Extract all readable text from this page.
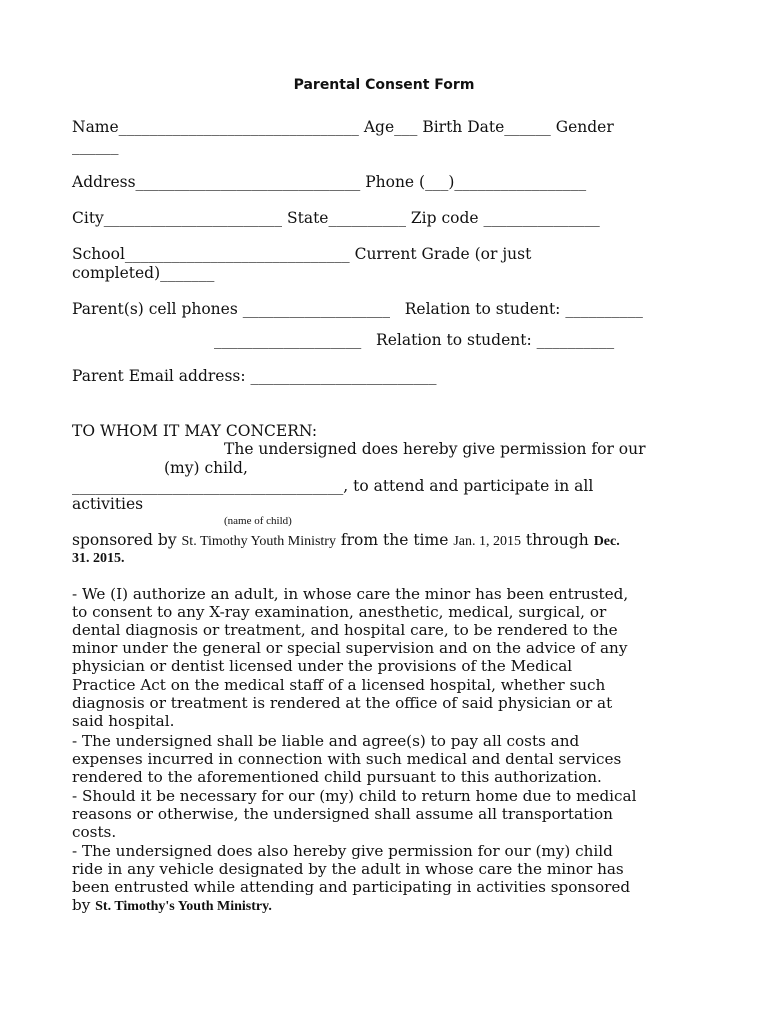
Parental Consent Form
Name_______________________________ Age___ Birth Date______ Gender
______
Address_____________________________ Phone (___)_________________
City_______________________ State__________ Zip code _______________
School_____________________________ Current Grade (or just
completed)_______
Parent(s) cell phones ___________________   Relation to student: __________
___________________   Relation to student: __________
Parent Email address: ________________________
TO WHOM IT MAY CONCERN:
The undersigned does hereby give permission for our
(my) child,
___________________________________, to attend and participate in all
activities
(name of child)
sponsored by St. Timothy Youth Ministry from the time Jan. 1, 2015 through Dec.
31. 2015.
- We (I) authorize an adult, in whose care the minor has been entrusted,
to consent to any X-ray examination, anesthetic, medical, surgical, or
dental diagnosis or treatment, and hospital care, to be rendered to the
minor under the general or special supervision and on the advice of any
physician or dentist licensed under the provisions of the Medical
Practice Act on the medical staff of a licensed hospital, whether such
diagnosis or treatment is rendered at the office of said physician or at
said hospital.
- The undersigned shall be liable and agree(s) to pay all costs and
expenses incurred in connection with such medical and dental services
rendered to the aforementioned child pursuant to this authorization.
- Should it be necessary for our (my) child to return home due to medical
reasons or otherwise, the undersigned shall assume all transportation
costs.
- The undersigned does also hereby give permission for our (my) child
ride in any vehicle designated by the adult in whose care the minor has
been entrusted while attending and participating in activities sponsored
by St. Timothy's Youth Ministry.
